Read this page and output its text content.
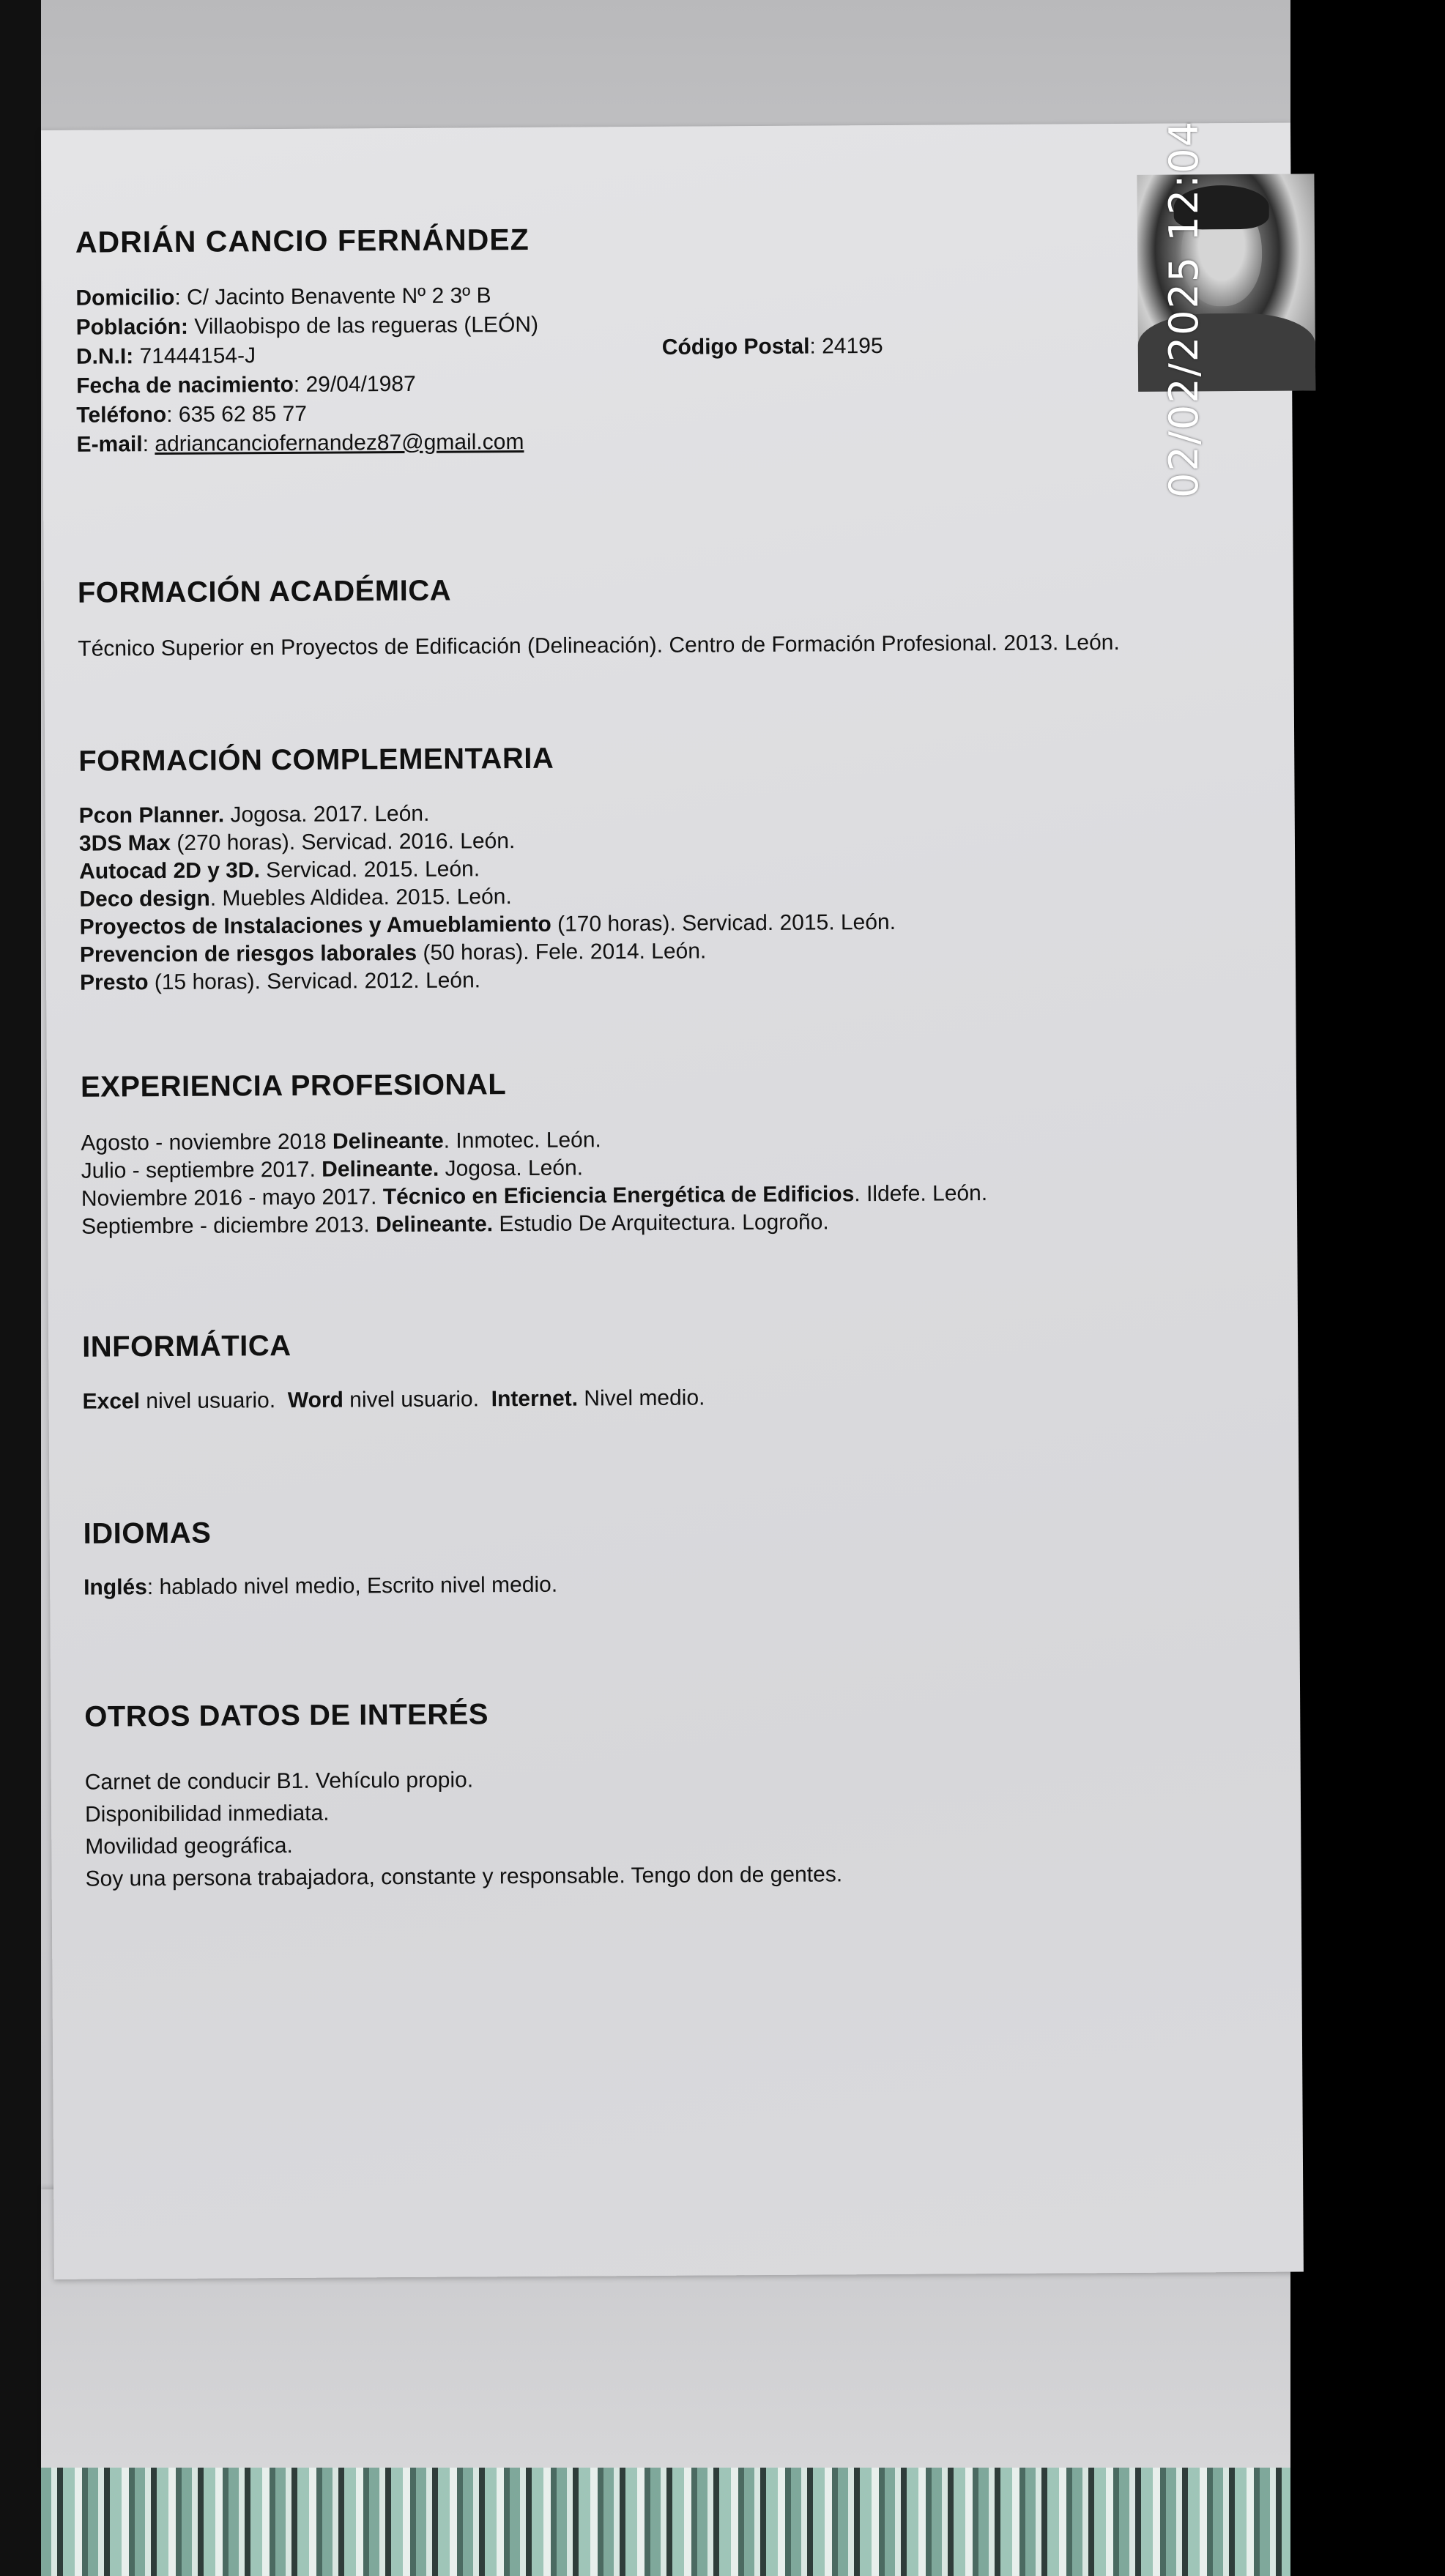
ADRIÁN CANCIO FERNÁNDEZ
Domicilio: C/ Jacinto Benavente Nº 2 3º B
Población: Villaobispo de las regueras (LEÓN)
D.N.I: 71444154-J
Fecha de nacimiento: 29/04/1987
Teléfono: 635 62 85 77
E-mail: adriancanciofernandez87@gmail.com
Código Postal: 24195
FORMACIÓN ACADÉMICA
Técnico Superior en Proyectos de Edificación (Delineación). Centro de Formación Profesional. 2013. León.
FORMACIÓN COMPLEMENTARIA
Pcon Planner. Jogosa. 2017. León.
3DS Max (270 horas). Servicad. 2016. León.
Autocad 2D y 3D. Servicad. 2015. León.
Deco design. Muebles Aldidea. 2015. León.
Proyectos de Instalaciones y Amueblamiento (170 horas). Servicad. 2015. León.
Prevencion de riesgos laborales (50 horas). Fele. 2014. León.
Presto (15 horas). Servicad. 2012. León.
EXPERIENCIA PROFESIONAL
Agosto - noviembre 2018 Delineante. Inmotec. León.
Julio - septiembre 2017. Delineante. Jogosa. León.
Noviembre 2016 - mayo 2017. Técnico en Eficiencia Energética de Edificios. Ildefe. León.
Septiembre - diciembre 2013. Delineante. Estudio De Arquitectura. Logroño.
INFORMÁTICA
Excel nivel usuario.  Word nivel usuario.  Internet. Nivel medio.
IDIOMAS
Inglés: hablado nivel medio, Escrito nivel medio.
OTROS DATOS DE INTERÉS
Carnet de conducir B1. Vehículo propio.
Disponibilidad inmediata.
Movilidad geográfica.
Soy una persona trabajadora, constante y responsable. Tengo don de gentes.
02/02/2025 12:04
